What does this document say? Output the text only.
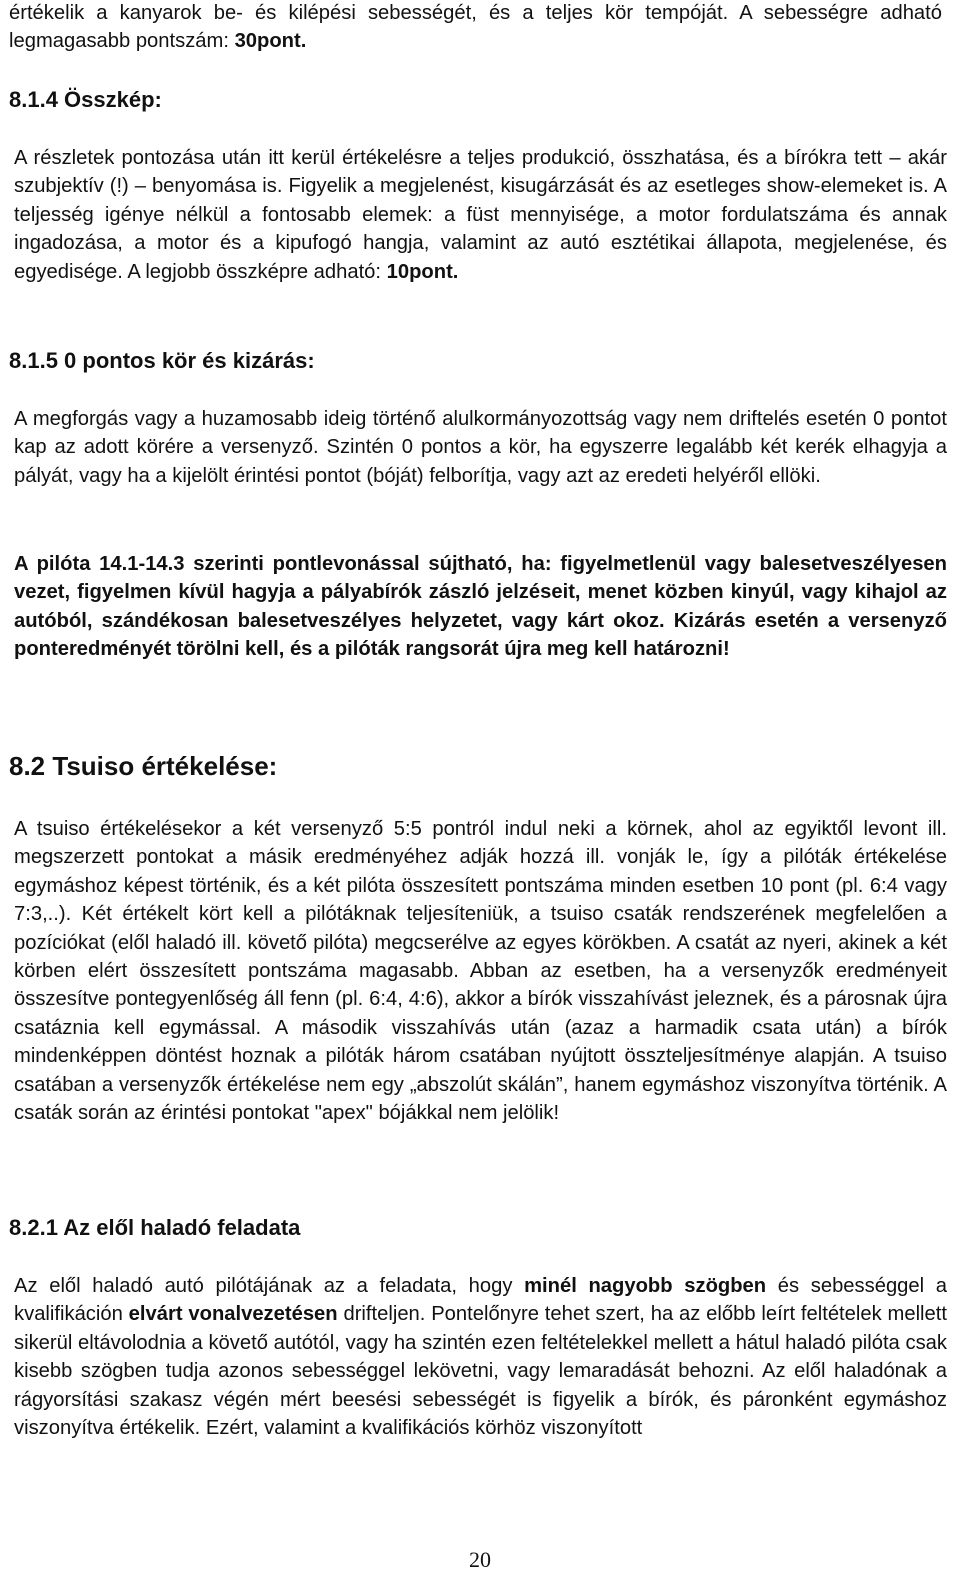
értékelik a kanyarok be- és kilépési sebességét, és a teljes kör tempóját. A sebességre adható legmagasabb pontszám: 30pont.

8.1.4 Összkép:

A részletek pontozása után itt kerül értékelésre a teljes produkció, összhatása, és a bírókra tett – akár szubjektív (!) – benyomása is. Figyelik a megjelenést, kisugárzását és az esetleges show-elemeket is. A teljesség igénye nélkül a fontosabb elemek: a füst mennyisége, a motor fordulatszáma és annak ingadozása, a motor és a kipufogó hangja, valamint az autó esztétikai állapota, megjelenése, és egyedisége. A legjobb összképre adható: 10pont.

8.1.5 0 pontos kör és kizárás:

A megforgás vagy a huzamosabb ideig történő alulkormányozottság vagy nem driftelés esetén 0 pontot kap az adott körére a versenyző. Szintén 0 pontos a kör, ha egyszerre legalább két kerék elhagyja a pályát, vagy ha a kijelölt érintési pontot (bóját) felborítja, vagy azt az eredeti helyéről ellöki.

A pilóta 14.1-14.3 szerinti pontlevonással sújtható, ha: figyelmetlenül vagy balesetveszélyesen vezet, figyelmen kívül hagyja a pályabírók zászló jelzéseit, menet közben kinyúl, vagy kihajol az autóból, szándékosan balesetveszélyes helyzetet, vagy kárt okoz. Kizárás esetén a versenyző ponteredményét törölni kell, és a pilóták rangsorát újra meg kell határozni!

8.2 Tsuiso értékelése:

A tsuiso értékelésekor a két versenyző 5:5 pontról indul neki a körnek, ahol az egyiktől levont ill. megszerzett pontokat a másik eredményéhez adják hozzá ill. vonják le, így a pilóták értékelése egymáshoz képest történik, és a két pilóta összesített pontszáma minden esetben 10 pont (pl. 6:4 vagy 7:3,..). Két értékelt kört kell a pilótáknak teljesíteniük, a tsuiso csaták rendszerének megfelelően a pozíciókat (elől haladó ill. követő pilóta) megcserélve az egyes körökben. A csatát az nyeri, akinek a két körben elért összesített pontszáma magasabb. Abban az esetben, ha a versenyzők eredményeit összesítve pontegyenlőség áll fenn (pl. 6:4, 4:6), akkor a bírók visszahívást jeleznek, és a párosnak újra csatáznia kell egymással. A második visszahívás után (azaz a harmadik csata után) a bírók mindenképpen döntést hoznak a pilóták három csatában nyújtott összteljesítménye alapján. A tsuiso csatában a versenyzők értékelése nem egy „abszolút skálán”, hanem egymáshoz viszonyítva történik. A csaták során az érintési pontokat "apex" bójákkal nem jelölik!

8.2.1 Az elől haladó feladata

Az elől haladó autó pilótájának az a feladata, hogy minél nagyobb szögben és sebességgel a kvalifikáción elvárt vonalvezetésen drifteljen. Pontelőnyre tehet szert, ha az előbb leírt feltételek mellett sikerül eltávolodnia a követő autótól, vagy ha szintén ezen feltételekkel mellett a hátul haladó pilóta csak kisebb szögben tudja azonos sebességgel lekövetni, vagy lemaradását behozni. Az elől haladónak a rágyorsítási szakasz végén mért beesési sebességét is figyelik a bírók, és páronként egymáshoz viszonyítva értékelik. Ezért, valamint a kvalifikációs körhöz viszonyított

20
